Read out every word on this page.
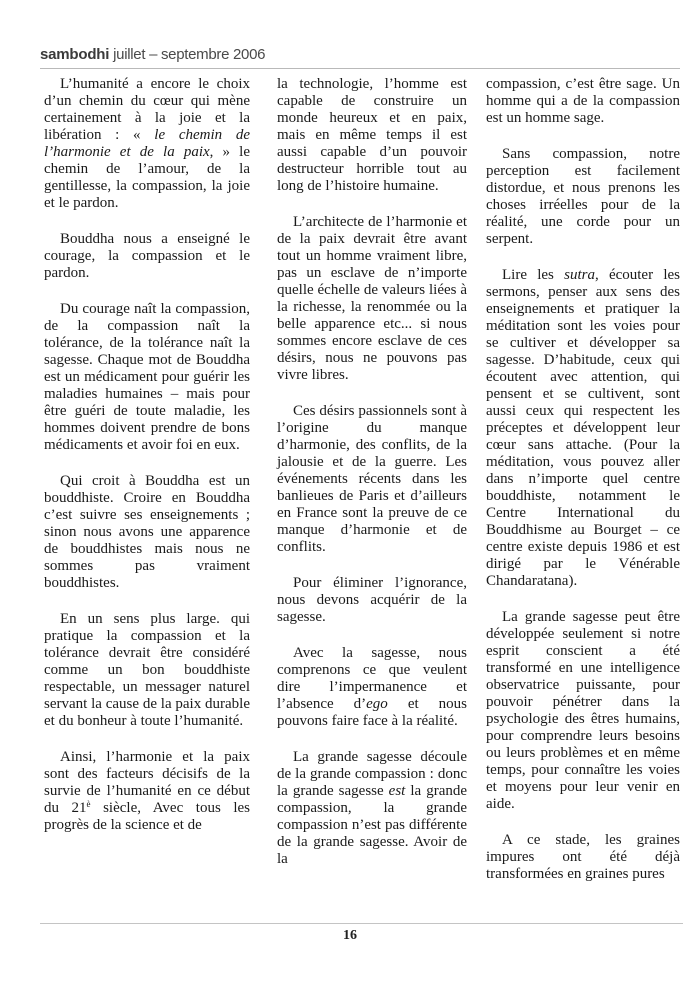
sambodhi juillet – septembre 2006

L’humanité a encore le choix d’un chemin du cœur qui mène certainement à la joie et la libération : « le chemin de l’harmonie et de la paix, » le chemin de l’amour, de la gentillesse, la compassion, la joie et le pardon.

Bouddha nous a enseigné le courage, la compassion et le pardon.

Du courage naît la compassion, de la compassion naît la tolérance, de la tolérance naît la sagesse. Chaque mot de Bouddha est un médicament pour guérir les maladies humaines – mais pour être guéri de toute maladie, les hommes doivent prendre de bons médicaments et avoir foi en eux.

Qui croit à Bouddha est un bouddhiste. Croire en Bouddha c’est suivre ses enseignements ; sinon nous avons une apparence de bouddhistes mais nous ne sommes pas vraiment bouddhistes.

En un sens plus large. qui pratique la compassion et la tolérance devrait être considéré comme un bon bouddhiste respectable, un messager naturel servant la cause de la paix durable et du bonheur à toute l’humanité.

Ainsi, l’harmonie et la paix sont des facteurs décisifs de la survie de l’humanité en ce début du $21^è$ siècle, Avec tous les progrès de la science et de

la technologie, l’homme est capable de construire un monde heureux et en paix, mais en même temps il est aussi capable d’un pouvoir destructeur horrible tout au long de l’histoire humaine.

L’architecte de l’harmonie et de la paix devrait être avant tout un homme vraiment libre, pas un esclave de n’importe quelle échelle de valeurs liées à la richesse, la renommée ou la belle apparence etc... si nous sommes encore esclave de ces désirs, nous ne pouvons pas vivre libres.

Ces désirs passionnels sont à l’origine du manque d’harmonie, des conflits, de la jalousie et de la guerre. Les événements récents dans les banlieues de Paris et d’ailleurs en France sont la preuve de ce manque d’harmonie et de conflits.

Pour éliminer l’ignorance, nous devons acquérir de la sagesse.

Avec la sagesse, nous comprenons ce que veulent dire l’impermanence et l’absence d’ego et nous pouvons faire face à la réalité.

La grande sagesse découle de la grande compassion : donc la grande sagesse est la grande compassion, la grande compassion n’est pas différente de la grande sagesse. Avoir de la

compassion, c’est être sage. Un homme qui a de la compassion est un homme sage.

Sans compassion, notre perception est facilement distordue, et nous prenons les choses irréelles pour de la réalité, une corde pour un serpent.

Lire les sutra, écouter les sermons, penser aux sens des enseignements et pratiquer la méditation sont les voies pour se cultiver et développer sa sagesse. D’habitude, ceux qui écoutent avec attention, qui pensent et se cultivent, sont aussi ceux qui respectent les préceptes et développent leur cœur sans attache. (Pour la méditation, vous pouvez aller dans n’importe quel centre bouddhiste, notamment le Centre International du Bouddhisme au Bourget – ce centre existe depuis 1986 et est dirigé par le Vénérable Chandaratana).

La grande sagesse peut être développée seulement si notre esprit conscient a été transformé en une intelligence observatrice puissante, pour pouvoir pénétrer dans la psychologie des êtres humains, pour comprendre leurs besoins ou leurs problèmes et en même temps, pour connaître les voies et moyens pour leur venir en aide.

A ce stade, les graines impures ont été déjà transformées en graines pures

16
